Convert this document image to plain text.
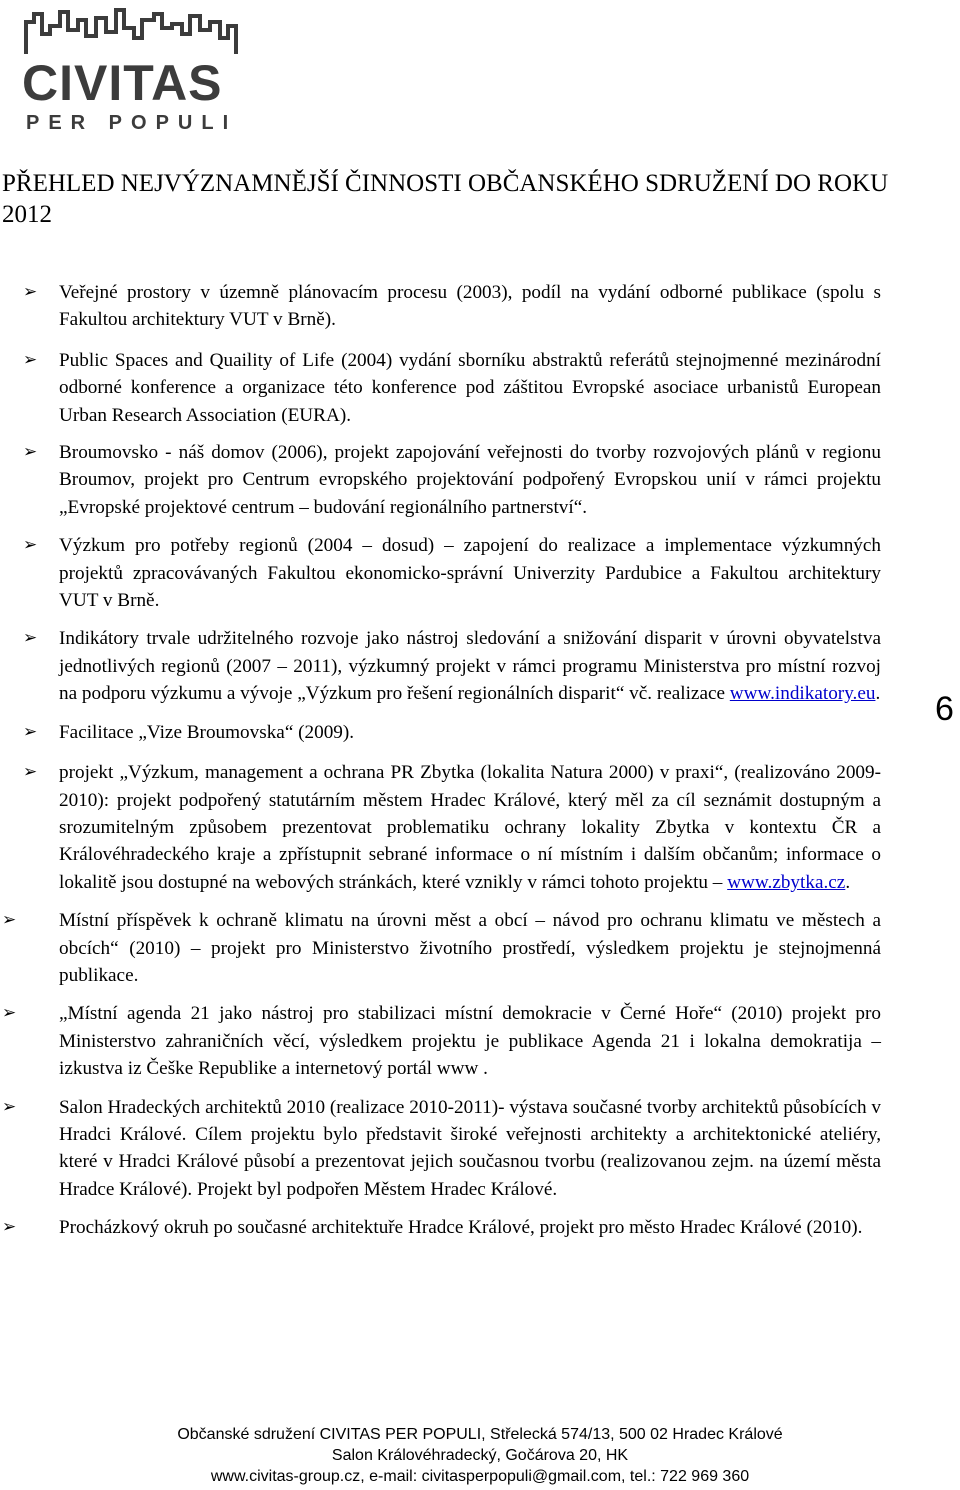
CIVITAS
PER POPULI
PŘEHLED NEJVÝZNAMNĚJŠÍ ČINNOSTI OBČANSKÉHO SDRUŽENÍ DO ROKU 2012

➢ Veřejné prostory v územně plánovacím procesu (2003), podíl na vydání odborné publikace (spolu s Fakultou architektury VUT v Brně).

➢ Public Spaces and Quaility of Life (2004) vydání sborníku abstraktů referátů stejnojmenné mezinárodní odborné konference a organizace této konference pod záštitou Evropské asociace urbanistů European Urban Research Association (EURA).

➢ Broumovsko - náš domov (2006), projekt zapojování veřejnosti do tvorby rozvojových plánů v regionu Broumov, projekt pro Centrum evropského projektování podpořený Evropskou unií v rámci projektu „Evropské projektové centrum – budování regionálního partnerství“.

➢ Výzkum pro potřeby regionů (2004 – dosud) – zapojení do realizace a implementace výzkumných projektů zpracovávaných Fakultou ekonomicko-správní Univerzity Pardubice a Fakultou architektury VUT v Brně.

➢ Indikátory trvale udržitelného rozvoje jako nástroj sledování a snižování disparit v úrovni obyvatelstva jednotlivých regionů (2007 – 2011), výzkumný projekt v rámci programu Ministerstva pro místní rozvoj na podporu výzkumu a vývoje „Výzkum pro řešení regionálních disparit“ vč. realizace www.indikatory.eu.

➢ Facilitace „Vize Broumovska“ (2009).

➢ projekt „Výzkum, management a ochrana PR Zbytka (lokalita Natura 2000) v praxi“, (realizováno 2009-2010): projekt podpořený statutárním městem Hradec Králové, který měl za cíl seznámit dostupným a srozumitelným způsobem prezentovat problematiku ochrany lokality Zbytka v kontextu ČR a Královéhradeckého kraje a zpřístupnit sebrané informace o ní místním i dalším občanům; informace o lokalitě jsou dostupné na webových stránkách, které vznikly v rámci tohoto projektu – www.zbytka.cz.

➢ Místní příspěvek k ochraně klimatu na úrovni měst a obcí – návod pro ochranu klimatu ve městech a obcích“ (2010) – projekt pro Ministerstvo životního prostředí, výsledkem projektu je stejnojmenná publikace.

➢ „Místní agenda 21 jako nástroj pro stabilizaci místní demokracie v Černé Hoře“ (2010) projekt pro Ministerstvo zahraničních věcí, výsledkem projektu je publikace Agenda 21 i lokalna demokratija – izkustva iz Češke Republike a internetový portál www .

➢ Salon Hradeckých architektů 2010 (realizace 2010-2011)- výstava současné tvorby architektů působících v Hradci Králové. Cílem projektu bylo představit široké veřejnosti architekty a architektonické ateliéry, které v Hradci Králové působí a prezentovat jejich současnou tvorbu (realizovanou zejm. na území města Hradce Králové). Projekt byl podpořen Městem Hradec Králové.

➢ Procházkový okruh po současné architektuře Hradce Králové, projekt pro město Hradec Králové (2010).

6
Občanské sdružení CIVITAS PER POPULI, Střelecká 574/13, 500 02 Hradec Králové
Salon Královéhradecký, Gočárova 20, HK
www.civitas-group.cz, e-mail: civitasperpopuli@gmail.com, tel.: 722 969 360
